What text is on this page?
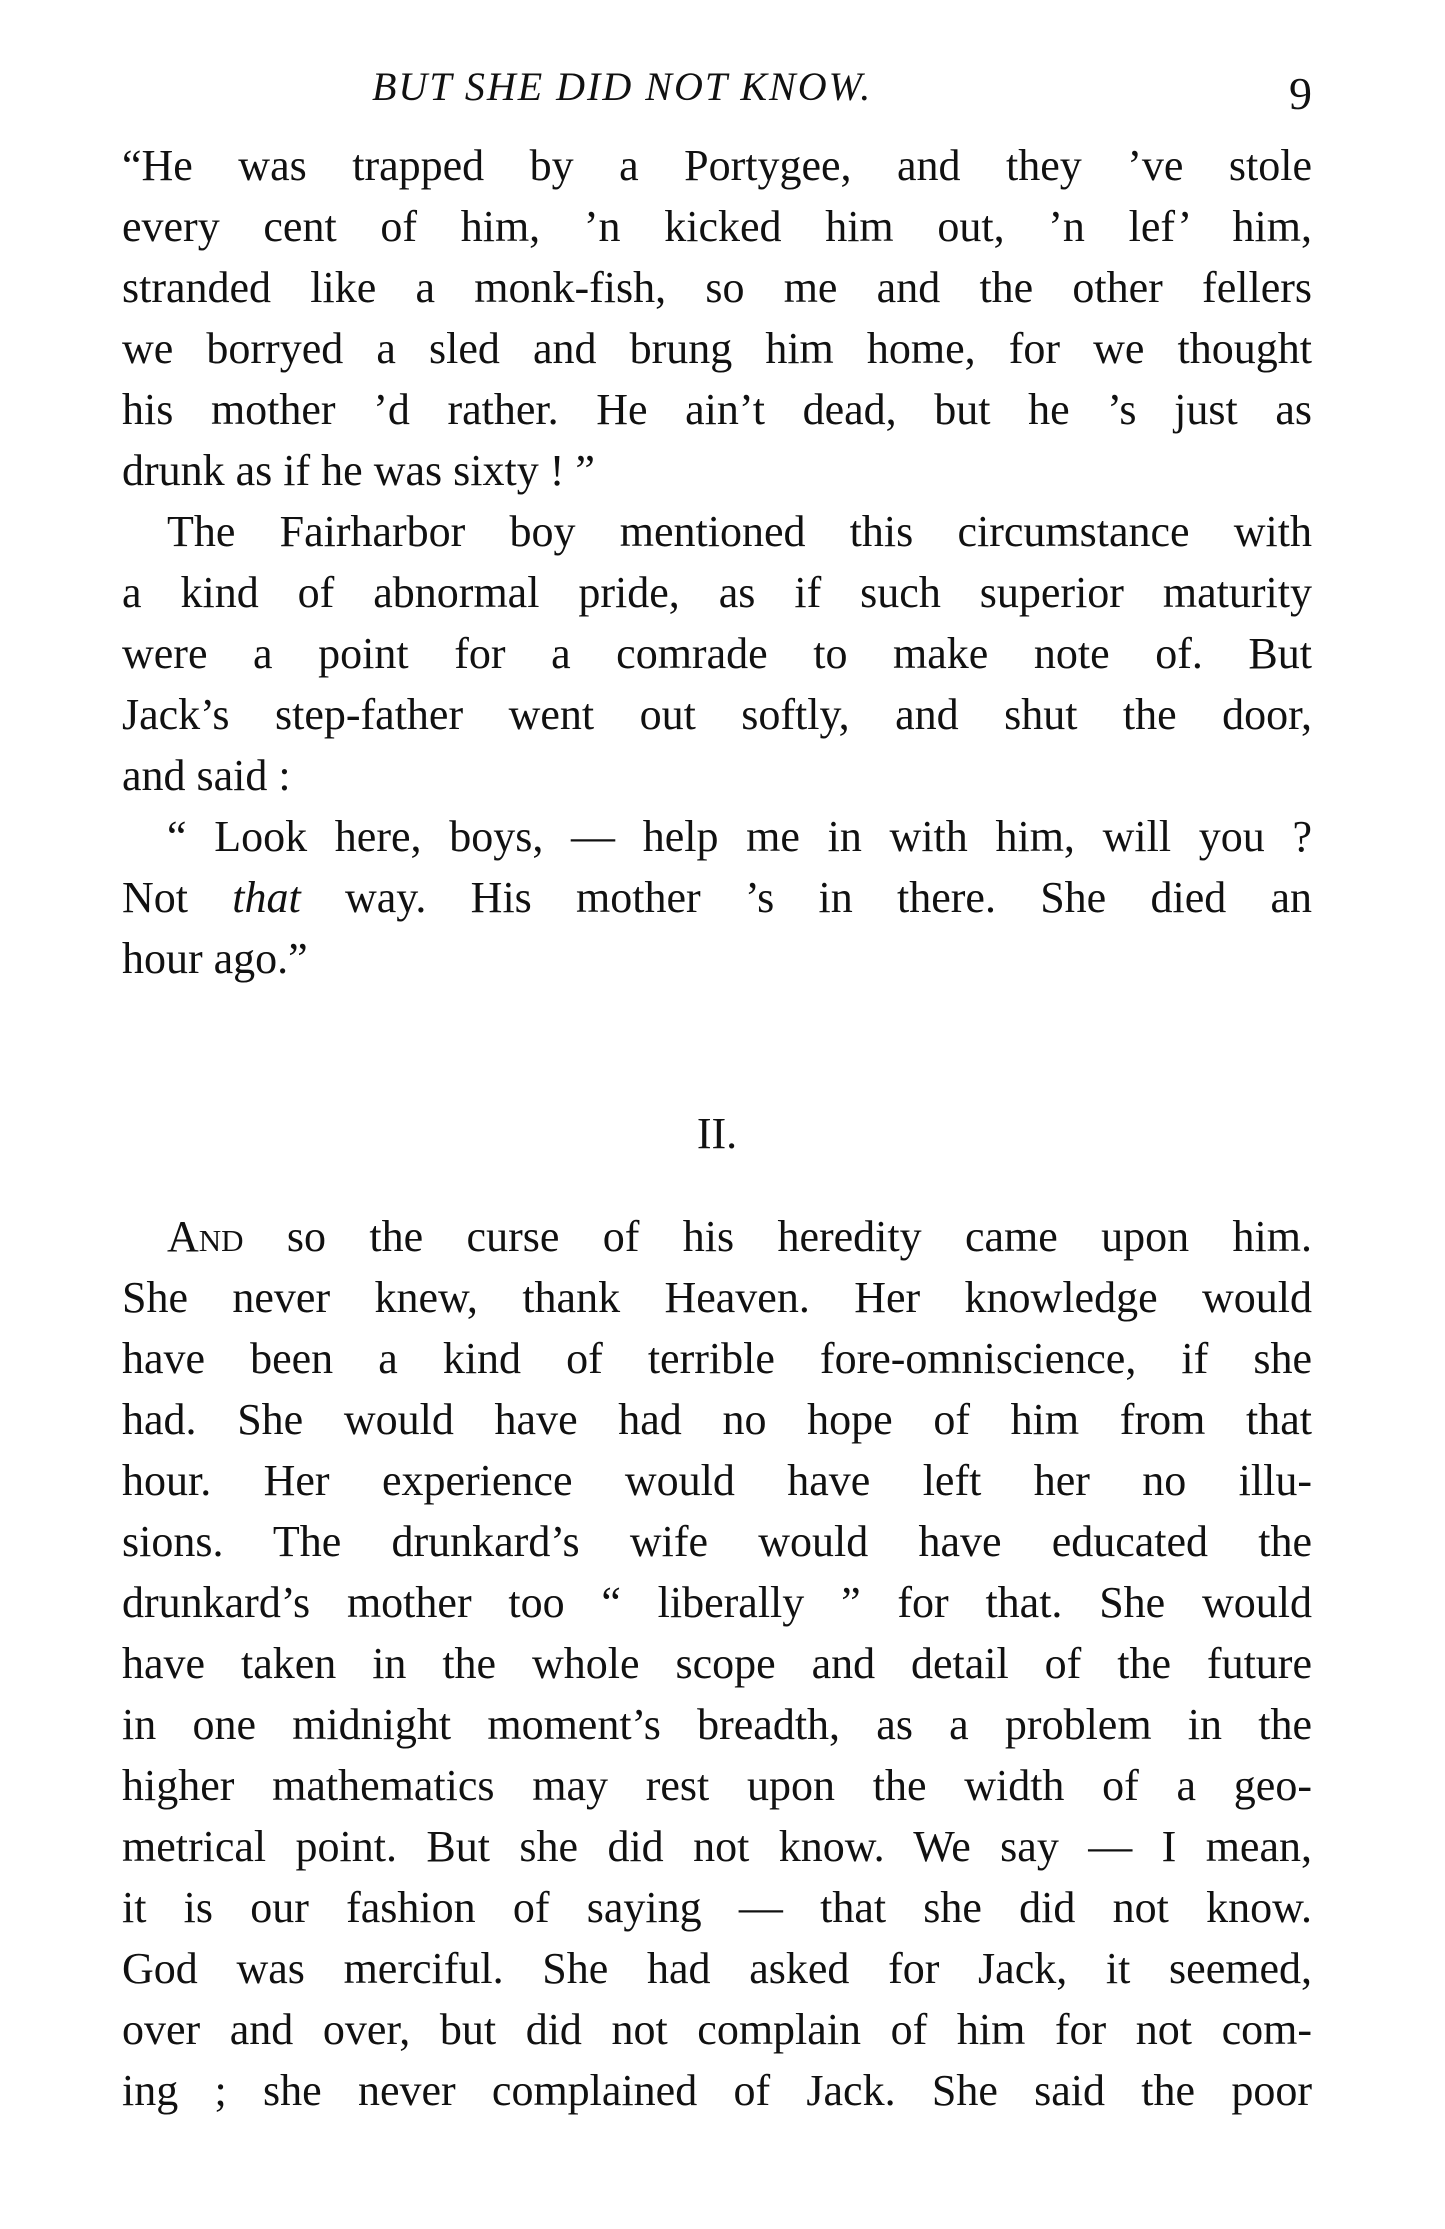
BUT SHE DID NOT KNOW.	9
“He was trapped by a Portygee, and they ’ve stole
every cent of him, ’n kicked him out, ’n lef’ him,
stranded like a monk-fish, so me and the other fellers
we borryed a sled and brung him home, for we thought
his mother ’d rather. He ain’t dead, but he ’s just as
drunk as if he was sixty ! ”
The Fairharbor boy mentioned this circumstance with
a kind of abnormal pride, as if such superior maturity
were a point for a comrade to make note of. But
Jack’s step-father went out softly, and shut the door,
and said :
“ Look here, boys, — help me in with him, will you ?
Not that way. His mother ’s in there. She died an
hour ago.”
II.
And so the curse of his heredity came upon him.
She never knew, thank Heaven. Her knowledge would
have been a kind of terrible fore-omniscience, if she
had. She would have had no hope of him from that
hour. Her experience would have left her no illu-
sions. The drunkard’s wife would have educated the
drunkard’s mother too “ liberally ” for that. She would
have taken in the whole scope and detail of the future
in one midnight moment’s breadth, as a problem in the
higher mathematics may rest upon the width of a geo-
metrical point. But she did not know. We say — I mean,
it is our fashion of saying — that she did not know.
God was merciful. She had asked for Jack, it seemed,
over and over, but did not complain of him for not com-
ing ; she never complained of Jack. She said the poor
